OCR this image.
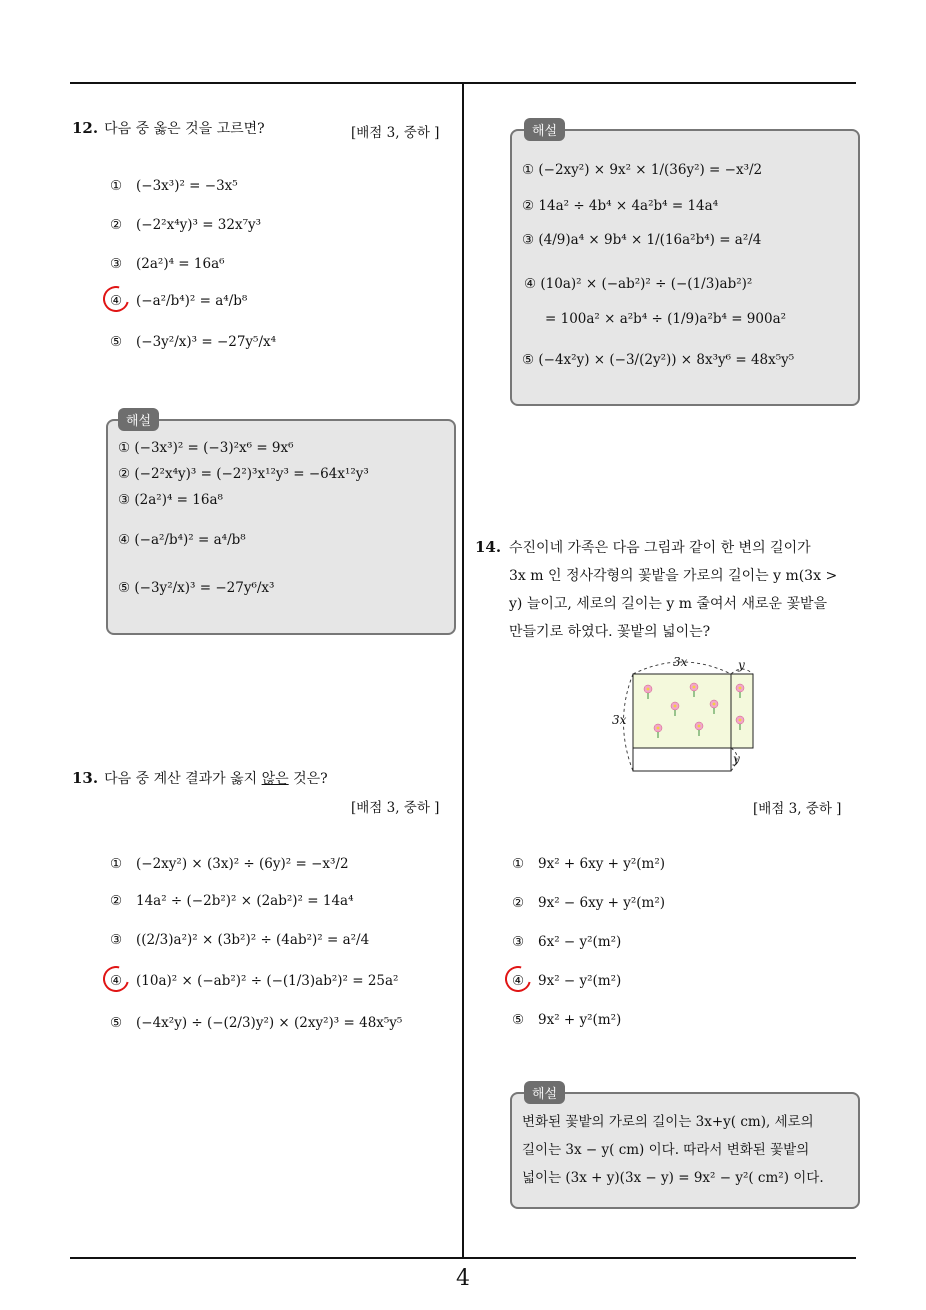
12. 다음 중 옳은 것을 고르면?	[배점 3, 중하 ]
①	(−3x³)² = −3x⁵
②	(−2²x⁴y)³ = 32x⁷y³
③	(2a²)⁴ = 16a⁶
④	(−a²/b⁴)² = a⁴/b⁸
⑤	(−3y²/x)³ = −27y⁵/x⁴
해설
① (−3x³)² = (−3)²x⁶ = 9x⁶
② (−2²x⁴y)³ = (−2²)³x¹²y³ = −64x¹²y³
③ (2a²)⁴ = 16a⁸
④ (−a²/b⁴)² = a⁴/b⁸
⑤ (−3y²/x)³ = −27y⁶/x³
13. 다음 중 계산 결과가 옳지 않은 것은?
[배점 3, 중하 ]
①	(−2xy²) × (3x)² ÷ (6y)² = −x³/2
②	14a² ÷ (−2b²)² × (2ab²)² = 14a⁴
③	((2/3)a²)² × (3b²)² ÷ (4ab²)² = a²/4
④	(10a)² × (−ab²)² ÷ (−(1/3)ab²)² = 25a²
⑤	(−4x²y) ÷ (−(2/3)y²) × (2xy²)³ = 48x⁵y⁵
해설
① (−2xy²) × 9x² × 1/(36y²) = −x³/2
② 14a² ÷ 4b⁴ × 4a²b⁴ = 14a⁴
③ (4/9)a⁴ × 9b⁴ × 1/(16a²b⁴) = a²/4
④ (10a)² × (−ab²)² ÷ (−(1/3)ab²)²
= 100a² × a²b⁴ ÷ (1/9)a²b⁴ = 900a²
⑤ (−4x²y) × (−3/(2y²)) × 8x³y⁶ = 48x⁵y⁵
14. 수진이네 가족은 다음 그림과 같이 한 변의 길이가
3x m 인 정사각형의 꽃밭을 가로의 길이는 y m(3x >
y) 늘이고, 세로의 길이는 y m 줄여서 새로운 꽃밭을
만들기로 하였다. 꽃밭의 넓이는?
3x	y
3x
y
[배점 3, 중하 ]
①	9x² + 6xy + y²(m²)
②	9x² − 6xy + y²(m²)
③	6x² − y²(m²)
④	9x² − y²(m²)
⑤	9x² + y²(m²)
해설
변화된 꽃밭의 가로의 길이는 3x+y( cm), 세로의
길이는 3x − y( cm) 이다. 따라서 변화된 꽃밭의
넓이는 (3x + y)(3x − y) = 9x² − y²( cm²) 이다.
4
